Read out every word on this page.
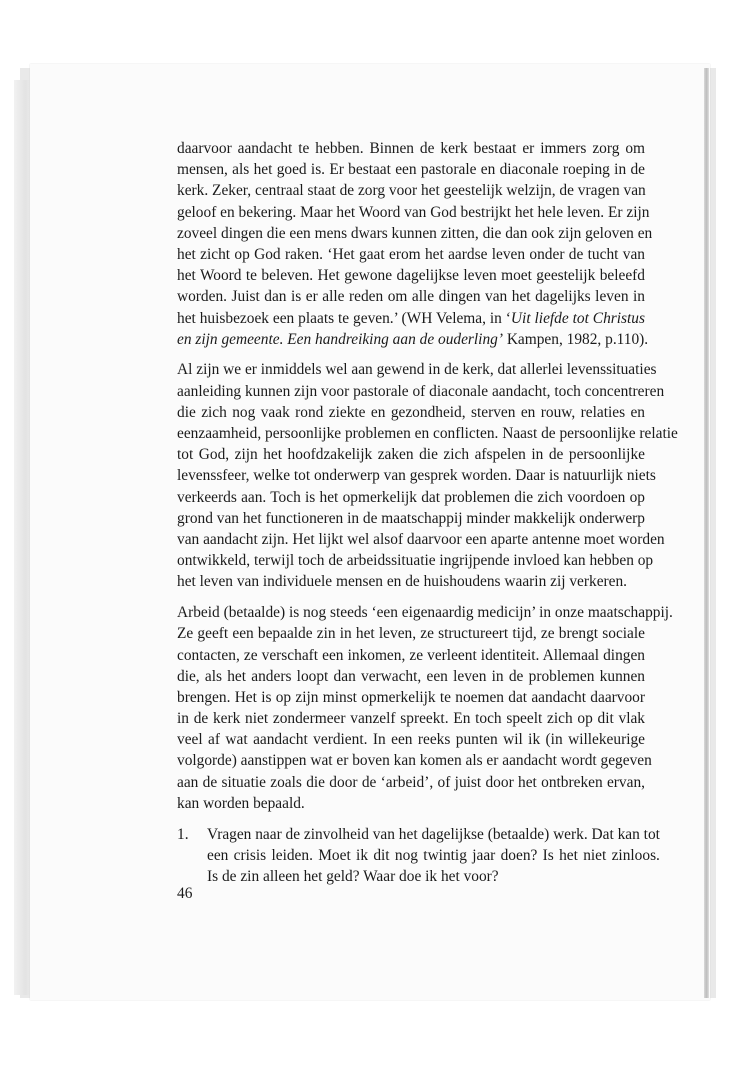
daarvoor aandacht te hebben. Binnen de kerk bestaat er immers zorg om
mensen, als het goed is. Er bestaat een pastorale en diaconale roeping in de
kerk. Zeker, centraal staat de zorg voor het geestelijk welzijn, de vragen van
geloof en bekering. Maar het Woord van God bestrijkt het hele leven. Er zijn
zoveel dingen die een mens dwars kunnen zitten, die dan ook zijn geloven en
het zicht op God raken. ‘Het gaat erom het aardse leven onder de tucht van
het Woord te beleven. Het gewone dagelijkse leven moet geestelijk beleefd
worden. Juist dan is er alle reden om alle dingen van het dagelijks leven in
het huisbezoek een plaats te geven.’ (WH Velema, in ‘Uit liefde tot Christus
en zijn gemeente. Een handreiking aan de ouderling’ Kampen, 1982, p.110).
Al zijn we er inmiddels wel aan gewend in de kerk, dat allerlei levenssituaties
aanleiding kunnen zijn voor pastorale of diaconale aandacht, toch concentreren
die zich nog vaak rond ziekte en gezondheid, sterven en rouw, relaties en
eenzaamheid, persoonlijke problemen en conflicten. Naast de persoonlijke relatie
tot God, zijn het hoofdzakelijk zaken die zich afspelen in de persoonlijke
levenssfeer, welke tot onderwerp van gesprek worden. Daar is natuurlijk niets
verkeerds aan. Toch is het opmerkelijk dat problemen die zich voordoen op
grond van het functioneren in de maatschappij minder makkelijk onderwerp
van aandacht zijn. Het lijkt wel alsof daarvoor een aparte antenne moet worden
ontwikkeld, terwijl toch de arbeidssituatie ingrijpende invloed kan hebben op
het leven van individuele mensen en de huishoudens waarin zij verkeren.
Arbeid (betaalde) is nog steeds ‘een eigenaardig medicijn’ in onze maatschappij.
Ze geeft een bepaalde zin in het leven, ze structureert tijd, ze brengt sociale
contacten, ze verschaft een inkomen, ze verleent identiteit. Allemaal dingen
die, als het anders loopt dan verwacht, een leven in de problemen kunnen
brengen. Het is op zijn minst opmerkelijk te noemen dat aandacht daarvoor
in de kerk niet zondermeer vanzelf spreekt. En toch speelt zich op dit vlak
veel af wat aandacht verdient. In een reeks punten wil ik (in willekeurige
volgorde) aanstippen wat er boven kan komen als er aandacht wordt gegeven
aan de situatie zoals die door de ‘arbeid’, of juist door het ontbreken ervan,
kan worden bepaald.
1.	Vragen naar de zinvolheid van het dagelijkse (betaalde) werk. Dat kan tot
een crisis leiden. Moet ik dit nog twintig jaar doen? Is het niet zinloos.
Is de zin alleen het geld? Waar doe ik het voor?
46
